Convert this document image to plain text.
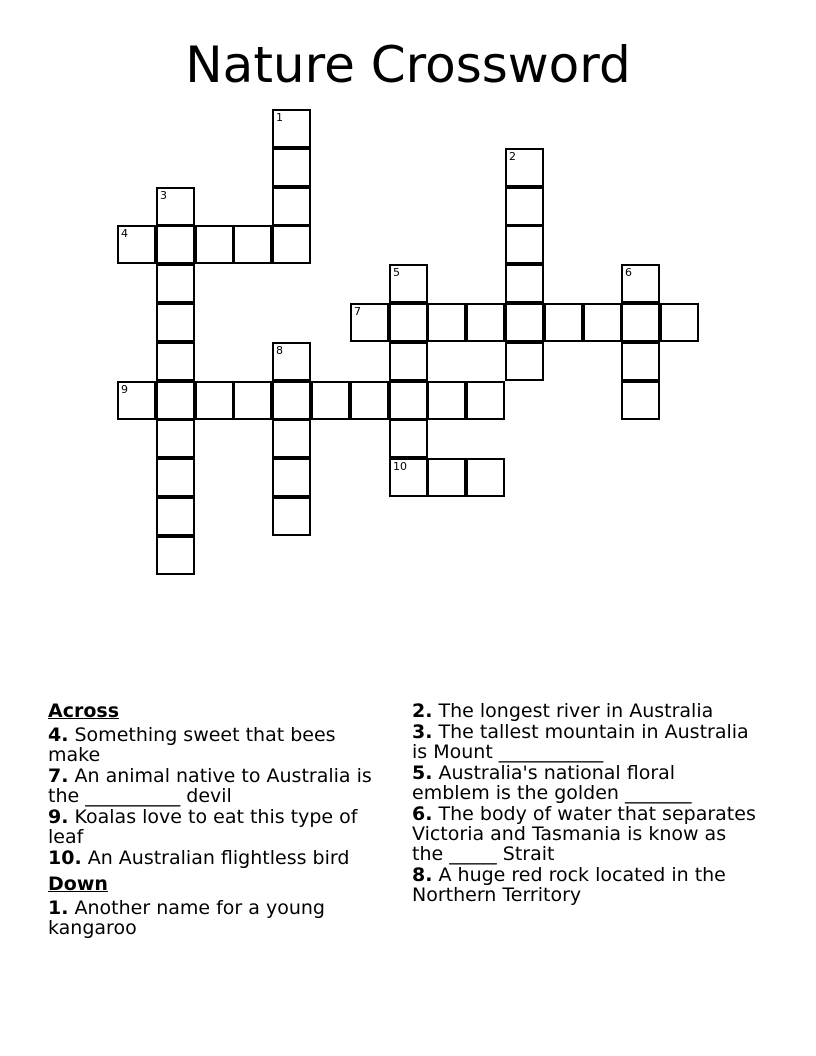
Nature Crossword
1
2
3
4
5
10
6
7
8
9
Across
4. Something sweet that bees make
7. An animal native to Australia is the __________ devil
9. Koalas love to eat this type of leaf
10. An Australian flightless bird
Down
1. Another name for a young kangaroo
2. The longest river in Australia
3. The tallest mountain in Australia is Mount ___________
5. Australia's national floral emblem is the golden _______
6. The body of water that separates Victoria and Tasmania is know as the _____ Strait
8. A huge red rock located in the Northern Territory
